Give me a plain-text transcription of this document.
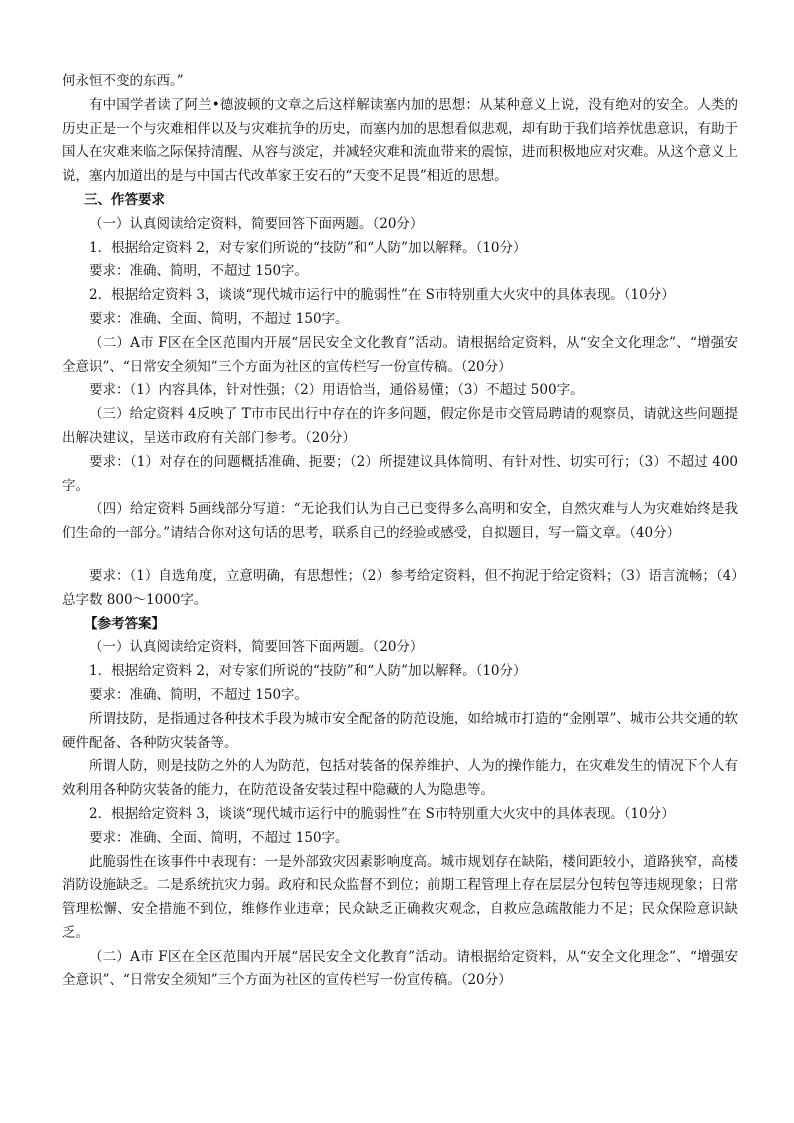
何永恒不变的东西。”

有中国学者读了阿兰•德波顿的文章之后这样解读塞内加的思想：从某种意义上说，没有绝对的安全。人类的历史正是一个与灾难相伴以及与灾难抗争的历史，而塞内加的思想看似悲观，却有助于我们培养忧患意识，有助于国人在灾难来临之际保持清醒、从容与淡定，并减轻灾难和流血带来的震惊，进而积极地应对灾难。从这个意义上说，塞内加道出的是与中国古代改革家王安石的“天变不足畏”相近的思想。

三、作答要求

（一）认真阅读给定资料，简要回答下面两题。（20分）

1．根据给定资料 2，对专家们所说的“技防”和“人防”加以解释。（10分）

要求：准确、简明，不超过 150字。

2．根据给定资料 3，谈谈“现代城市运行中的脆弱性”在 S市特别重大火灾中的具体表现。（10分）

要求：准确、全面、简明，不超过 150字。

（二）A市 F区在全区范围内开展“居民安全文化教育”活动。请根据给定资料，从“安全文化理念”、“增强安全意识”、“日常安全须知”三个方面为社区的宣传栏写一份宣传稿。（20分）

要求：（1）内容具体，针对性强；（2）用语恰当，通俗易懂；（3）不超过 500字。

（三）给定资料 4反映了 T市市民出行中存在的许多问题，假定你是市交管局聘请的观察员，请就这些问题提出解决建议，呈送市政府有关部门参考。（20分）

要求：（1）对存在的问题概括准确、扼要；（2）所提建议具体简明、有针对性、切实可行；（3）不超过 400字。

（四）给定资料 5画线部分写道：“无论我们认为自己已变得多么高明和安全，自然灾难与人为灾难始终是我们生命的一部分。”请结合你对这句话的思考，联系自己的经验或感受，自拟题目，写一篇文章。（40分）

要求：（1）自选角度，立意明确，有思想性；（2）参考给定资料，但不拘泥于给定资料；（3）语言流畅；（4）总字数 800～1000字。

【参考答案】

（一）认真阅读给定资料，简要回答下面两题。（20分）

1．根据给定资料 2，对专家们所说的“技防”和“人防”加以解释。（10分）

要求：准确、简明，不超过 150字。

所谓技防，是指通过各种技术手段为城市安全配备的防范设施，如给城市打造的“金刚罩”、城市公共交通的软硬件配备、各种防灾装备等。

所谓人防，则是技防之外的人为防范，包括对装备的保养维护、人为的操作能力，在灾难发生的情况下个人有效利用各种防灾装备的能力，在防范设备安装过程中隐藏的人为隐患等。

2．根据给定资料 3，谈谈“现代城市运行中的脆弱性”在 S市特别重大火灾中的具体表现。（10分）

要求：准确、全面、简明，不超过 150字。

此脆弱性在该事件中表现有：一是外部致灾因素影响度高。城市规划存在缺陷，楼间距较小，道路狭窄，高楼消防设施缺乏。二是系统抗灾力弱。政府和民众监督不到位；前期工程管理上存在层层分包转包等违规现象；日常管理松懈、安全措施不到位，维修作业违章；民众缺乏正确救灾观念，自救应急疏散能力不足；民众保险意识缺乏。

（二）A市 F区在全区范围内开展“居民安全文化教育”活动。请根据给定资料，从“安全文化理念”、“增强安全意识”、“日常安全须知”三个方面为社区的宣传栏写一份宣传稿。（20分）
